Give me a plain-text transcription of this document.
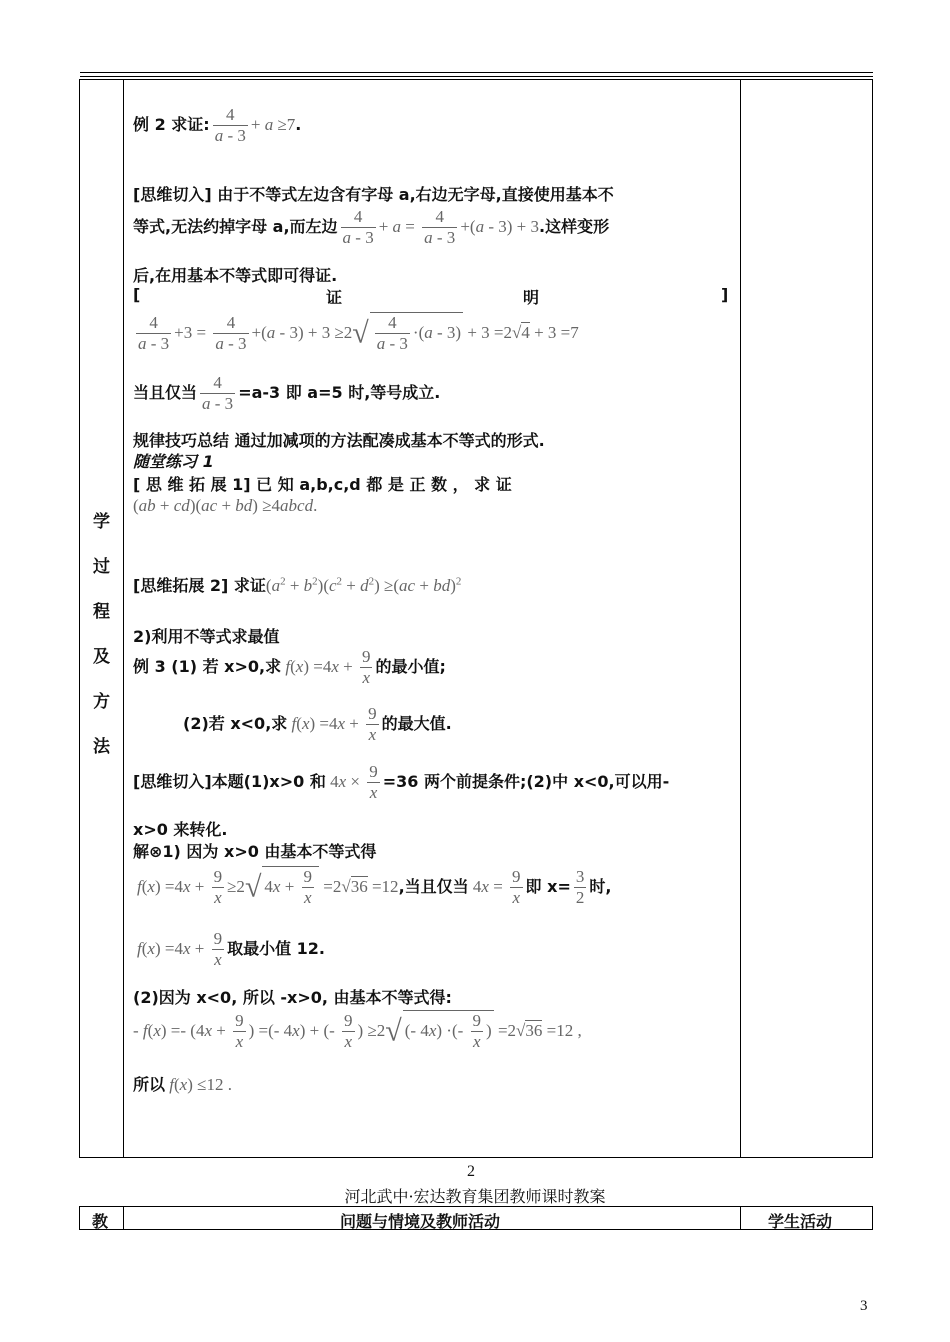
学
过
程
及
方
法
例 2 求证: $\frac{4}{a - 3} + a \ge 7$.
[思维切入] 由于不等式左边含有字母 a,右边无字母,直接使用基本不
等式,无法约掉字母 a,而左边 $\frac{4}{a - 3} + a = \frac{4}{a - 3} +(a - 3) + 3$.这样变形
后,在用基本不等式即可得证.
[	证	明	]
$\frac{4}{a - 3} +3 = \frac{4}{a - 3} +(a - 3) + 3 \ge 2√ \frac{4}{a - 3} \cdot(a - 3) + 3 =2√4 + 3 =7$
当且仅当 $\frac{4}{a - 3} =a-3$ 即 a=5 时,等号成立.
规律技巧总结 通过加减项的方法配凑成基本不等式的形式.
随堂练习 1
[ 思 维 拓 展 1] 已 知 a,b,c,d 都 是 正 数 ， 求 证
(ab + cd)(ac + bd) ≥4abcd.
[思维拓展 2] 求证$(a^2 + b^2)(c^2 + d^2) \ge(ac + bd)^2$
2)利用不等式求最值
例 3 (1) 若 x>0,求 $f(x) =4x + \frac{9}{x}$ 的最小值;
(2)若 x<0,求 $f(x) =4x + \frac{9}{x}$ 的最大值.
[思维切入]本题(1)x>0 和 $4x \times \frac{9}{x} =36$ 两个前提条件;(2)中 x<0,可以用-
x>0 来转化.
解⊗1) 因为 x>0 由基本不等式得
$f(x) =4x + \frac{9}{x} \ge 2√$ $4x + \frac{9}{x} =2√36 =12$,当且仅当 $4x = \frac{9}{x}$ 即 $x= \frac{3}{2}$ 时,
$f(x) =4x + \frac{9}{x}$ 取最小值 12.
(2)因为 x<0, 所以 -x>0, 由基本不等式得:
- $f(x) =- (4x + \frac{9}{x}$ ) =(- 4x) + (- $\frac{9}{x}$ ) ≥2√ (- 4x) ·(- $\frac{9}{x}$ ) =2√36 =12 ,
所以 f(x) ≤12 .
2
河北武中·宏达教育集团教师课时教案
教	问题与情境及教师活动	学生活动
3
